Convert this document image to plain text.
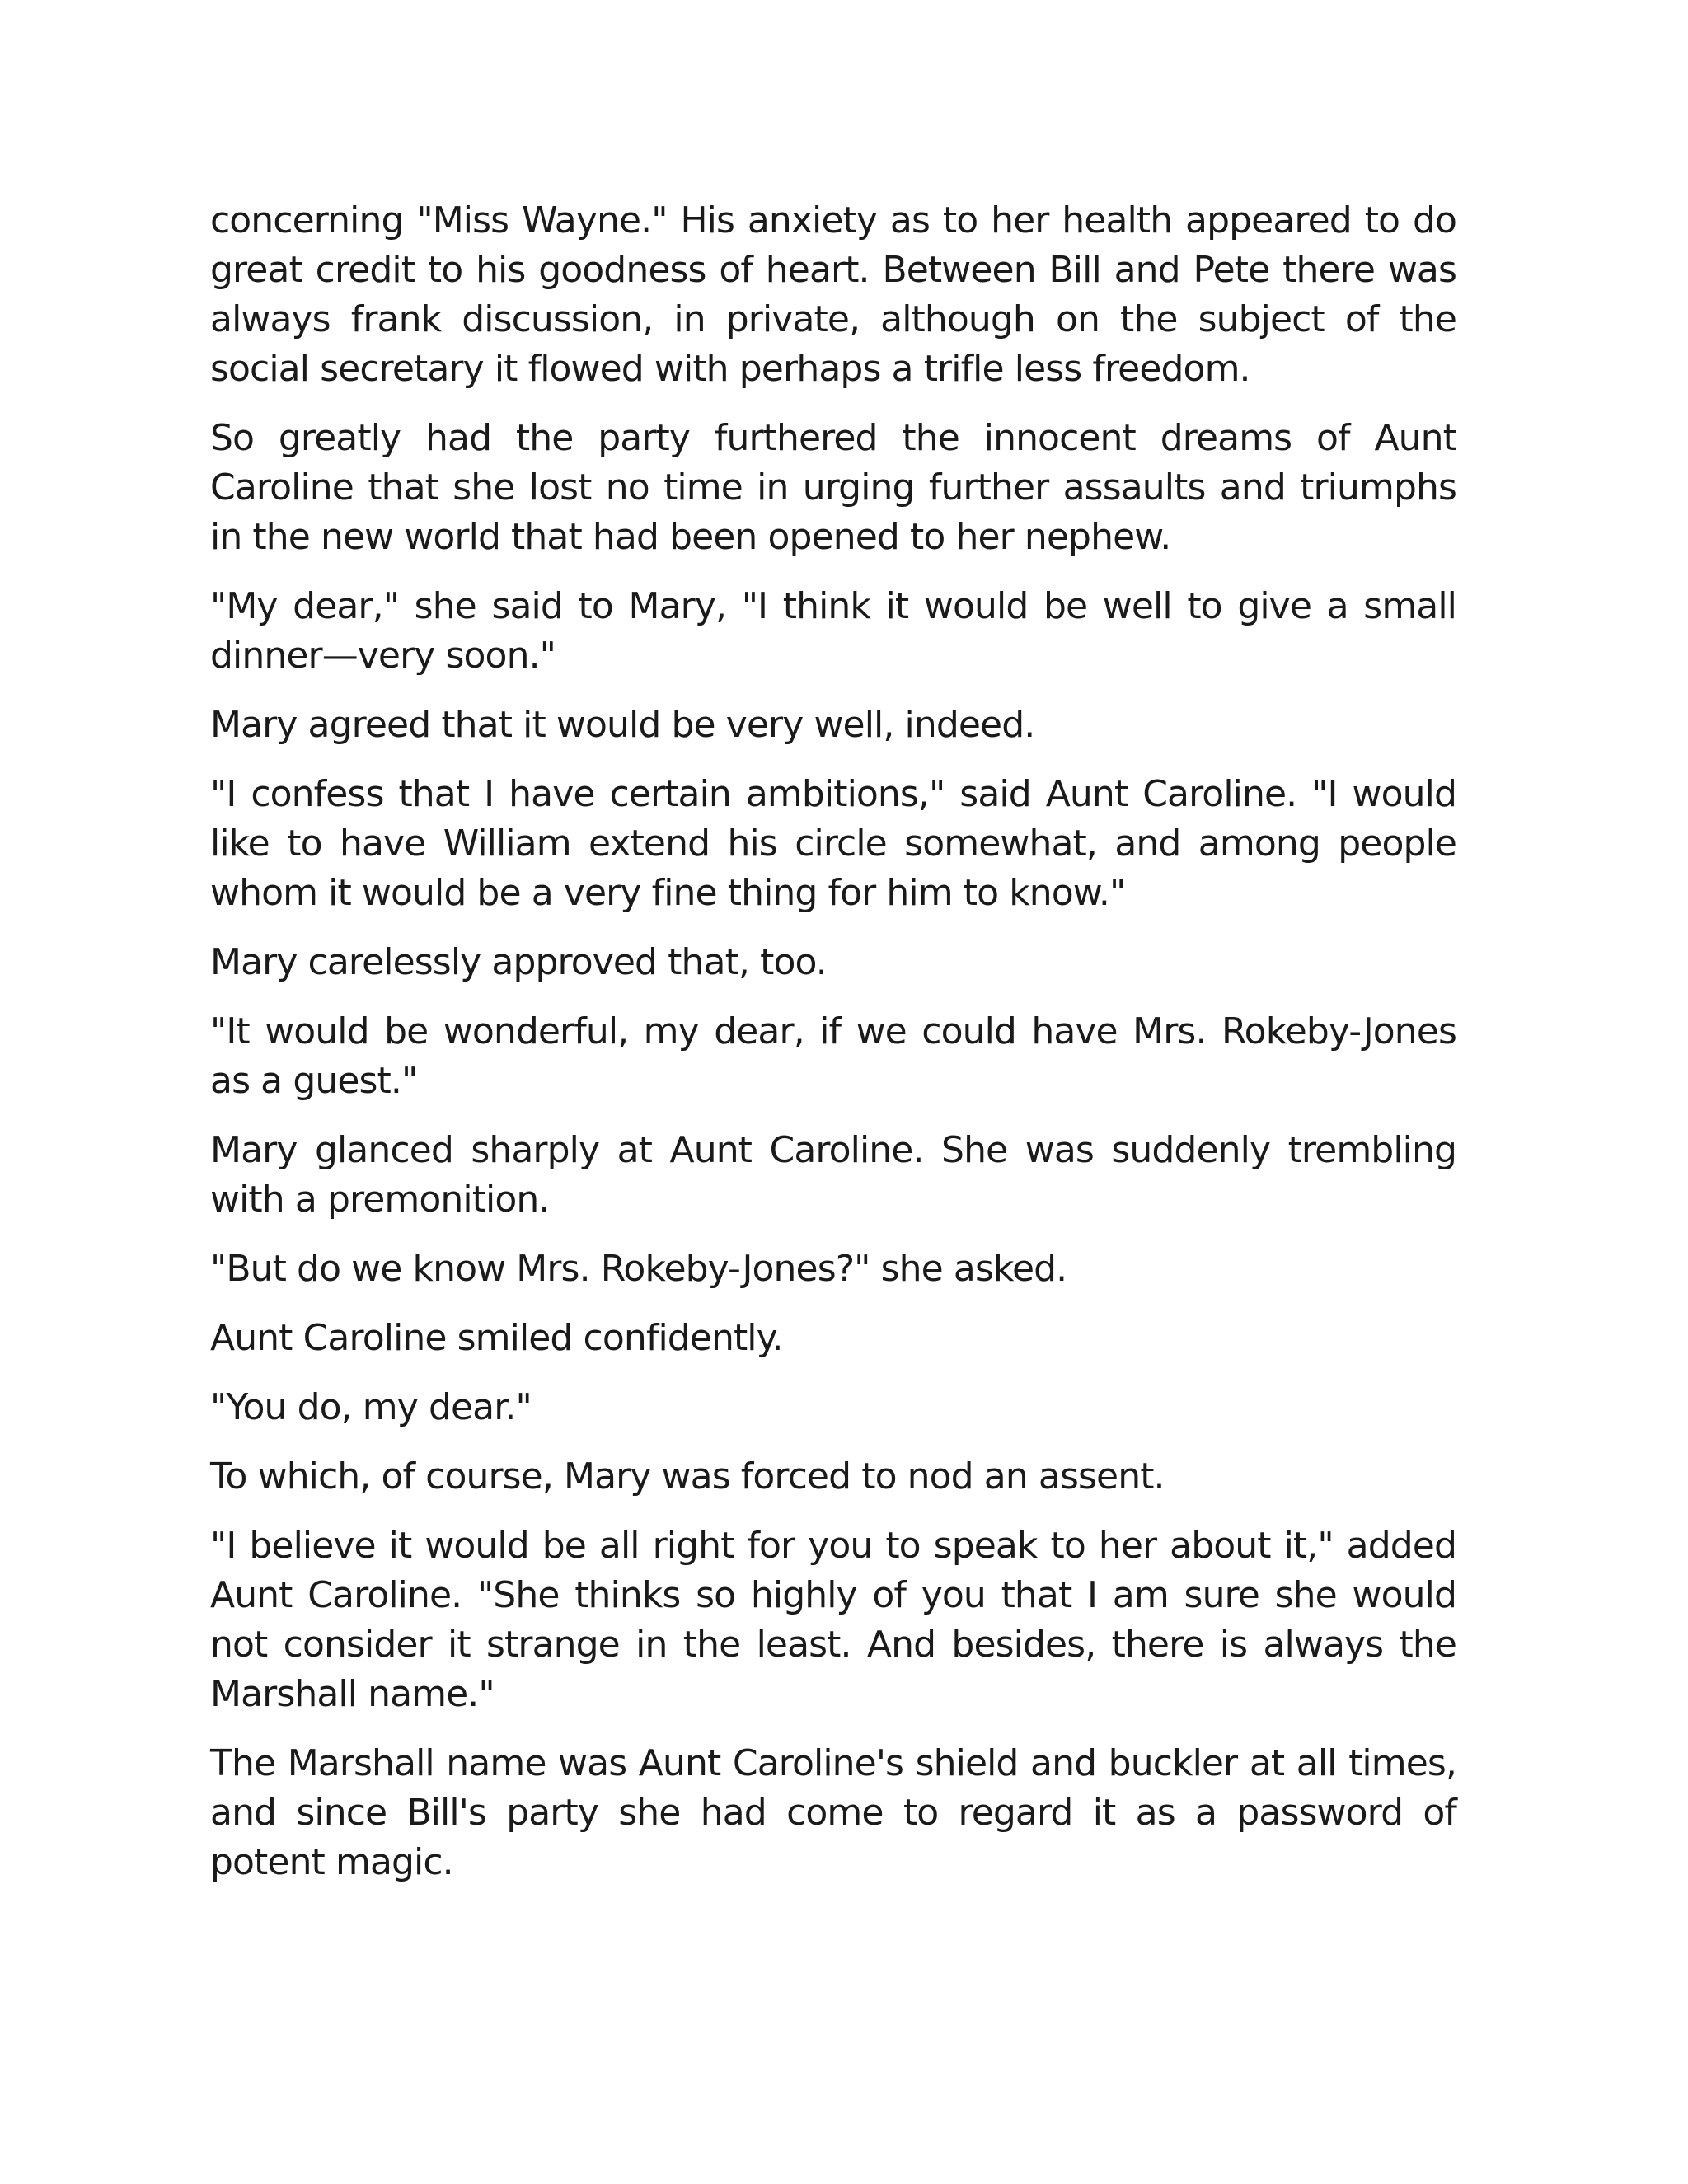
concerning "Miss Wayne." His anxiety as to her health appeared to do great credit to his goodness of heart. Between Bill and Pete there was always frank discussion, in private, although on the subject of the social secretary it flowed with perhaps a trifle less freedom.

So greatly had the party furthered the innocent dreams of Aunt Caroline that she lost no time in urging further assaults and triumphs in the new world that had been opened to her nephew.

"My dear," she said to Mary, "I think it would be well to give a small dinner—very soon."

Mary agreed that it would be very well, indeed.

"I confess that I have certain ambitions," said Aunt Caroline. "I would like to have William extend his circle somewhat, and among people whom it would be a very fine thing for him to know."

Mary carelessly approved that, too.

"It would be wonderful, my dear, if we could have Mrs. Rokeby-Jones as a guest."

Mary glanced sharply at Aunt Caroline. She was suddenly trembling with a premonition.

"But do we know Mrs. Rokeby-Jones?" she asked.

Aunt Caroline smiled confidently.

"You do, my dear."

To which, of course, Mary was forced to nod an assent.

"I believe it would be all right for you to speak to her about it," added Aunt Caroline. "She thinks so highly of you that I am sure she would not consider it strange in the least. And besides, there is always the Marshall name."

The Marshall name was Aunt Caroline's shield and buckler at all times, and since Bill's party she had come to regard it as a password of potent magic.
